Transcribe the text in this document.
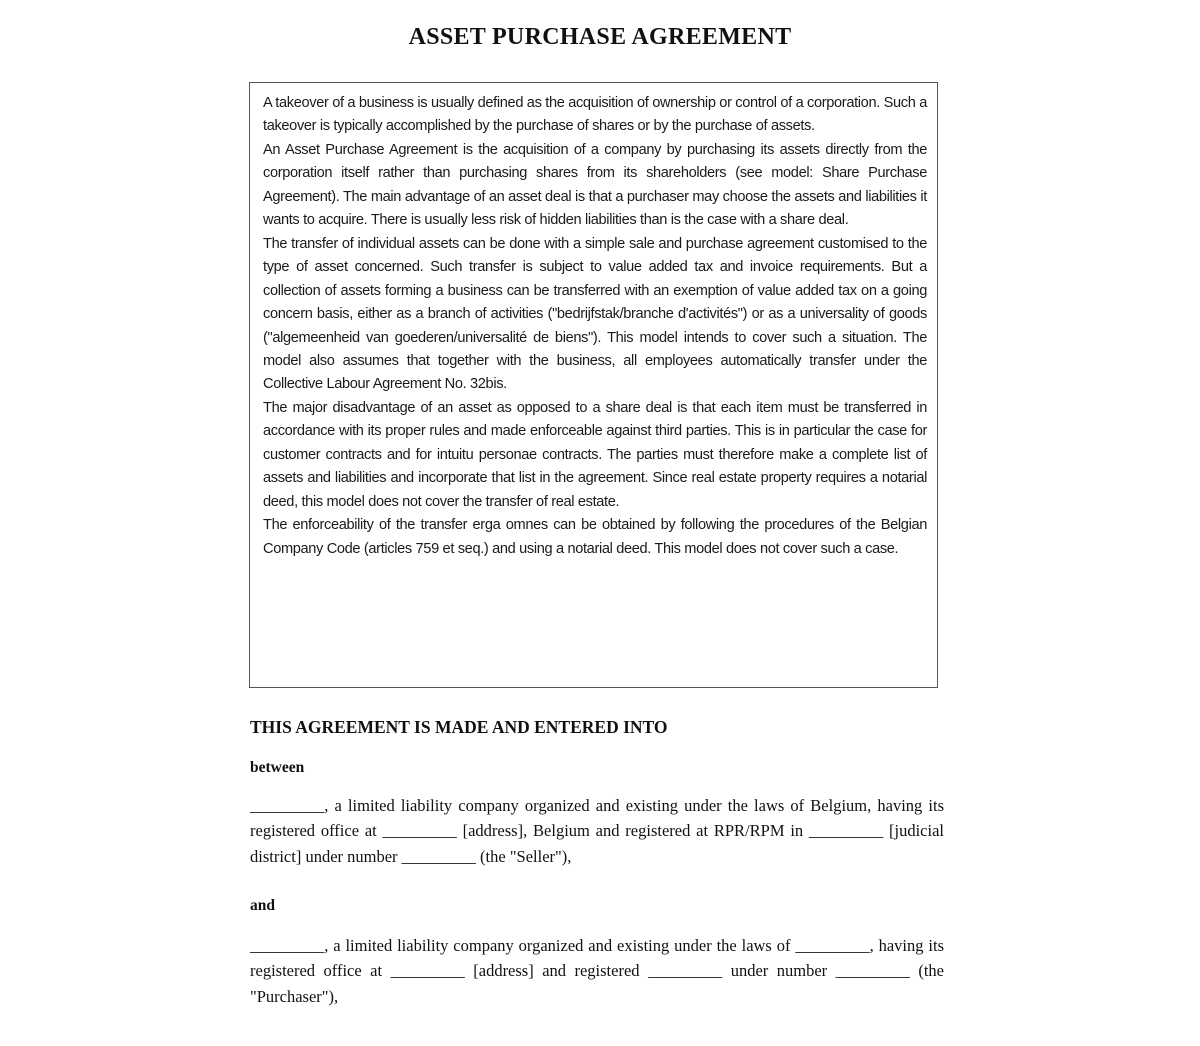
ASSET PURCHASE AGREEMENT

A takeover of a business is usually defined as the acquisition of ownership or control of a corporation. Such a takeover is typically accomplished by the purchase of shares or by the purchase of assets.

An Asset Purchase Agreement is the acquisition of a company by purchasing its assets directly from the corporation itself rather than purchasing shares from its shareholders (see model: Share Purchase Agreement). The main advantage of an asset deal is that a purchaser may choose the assets and liabilities it wants to acquire. There is usually less risk of hidden liabilities than is the case with a share deal.

The transfer of individual assets can be done with a simple sale and purchase agreement customised to the type of asset concerned. Such transfer is subject to value added tax and invoice requirements. But a collection of assets forming a business can be transferred with an exemption of value added tax on a going concern basis, either as a branch of activities ("bedrijfstak/branche d'activités") or as a universality of goods ("algemeenheid van goederen/universalité de biens"). This model intends to cover such a situation. The model also assumes that together with the business, all employees automatically transfer under the Collective Labour Agreement No. 32bis.

The major disadvantage of an asset as opposed to a share deal is that each item must be transferred in accordance with its proper rules and made enforceable against third parties. This is in particular the case for customer contracts and for intuitu personae contracts. The parties must therefore make a complete list of assets and liabilities and incorporate that list in the agreement. Since real estate property requires a notarial deed, this model does not cover the transfer of real estate.

The enforceability of the transfer erga omnes can be obtained by following the procedures of the Belgian Company Code (articles 759 et seq.) and using a notarial deed. This model does not cover such a case.

THIS AGREEMENT IS MADE AND ENTERED INTO
between

_________, a limited liability company organized and existing under the laws of Belgium, having its registered office at _________ [address], Belgium and registered at RPR/RPM in _________ [judicial district] under number _________ (the "Seller"),

and

_________, a limited liability company organized and existing under the laws of _________, having its registered office at _________ [address] and registered _________ under number _________ (the "Purchaser"),
